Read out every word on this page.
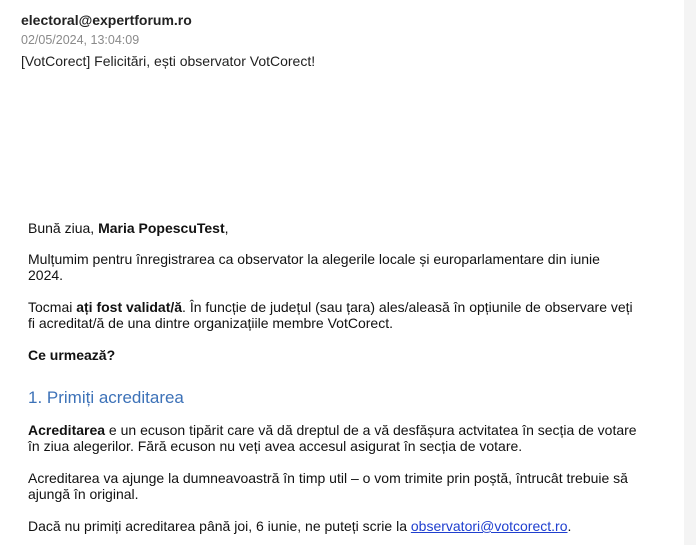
electoral@expertforum.ro
02/05/2024, 13:04:09
[VotCorect] Felicitări, ești observator VotCorect!

Bună ziua, Maria PopescuTest,

Mulțumim pentru înregistrarea ca observator la alegerile locale și europarlamentare din iunie 2024.

Tocmai ați fost validat/ă. În funcție de județul (sau țara) ales/aleasă în opțiunile de observare veți fi acreditat/ă de una dintre organizațiile membre VotCorect.

Ce urmează?

1. Primiți acreditarea

Acreditarea e un ecuson tipărit care vă dă dreptul de a vă desfășura actvitatea în secția de votare în ziua alegerilor. Fără ecuson nu veți avea accesul asigurat în secția de votare.

Acreditarea va ajunge la dumneavoastră în timp util – o vom trimite prin poștă, întrucât trebuie să ajungă în original.

Dacă nu primiți acreditarea până joi, 6 iunie, ne puteți scrie la observatori@votcorect.ro.
